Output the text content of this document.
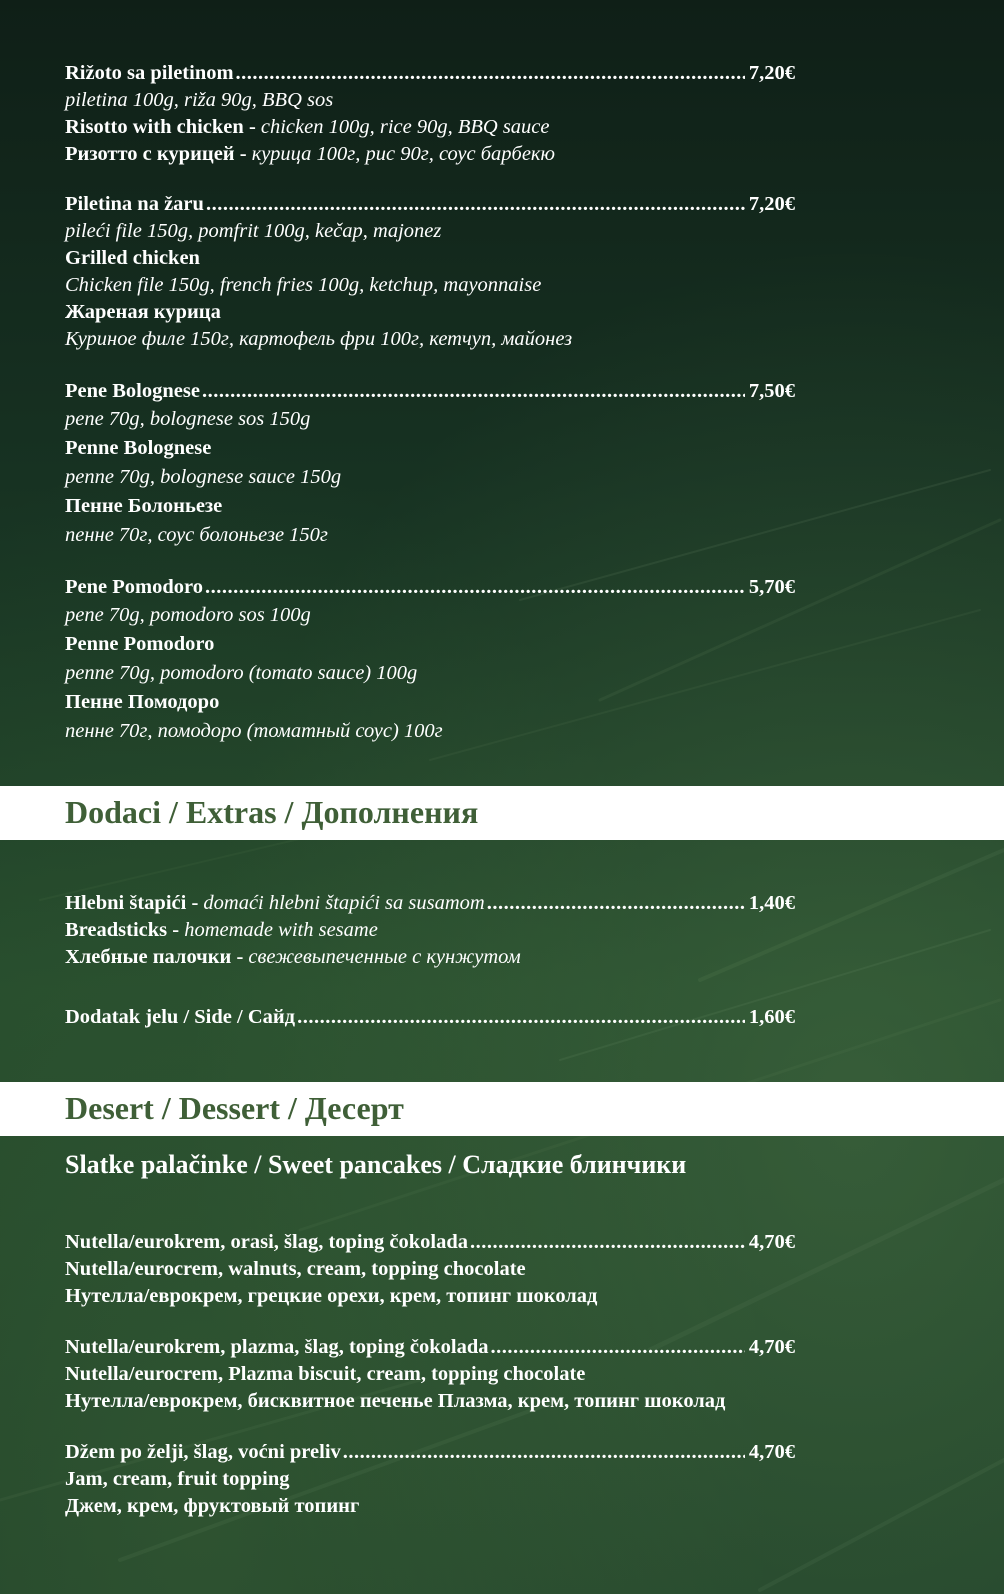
Rižoto sa piletinom .....	7,20€
piletina 100g, riža 90g, BBQ sos
Risotto with chicken - chicken 100g, rice 90g, BBQ sauce
Ризотто с курицей - курица 100г, рис 90г, соус барбекю
Piletina na žaru .....	7,20€
pileći file 150g, pomfrit 100g, kečap, majonez
Grilled chicken
Chicken file 150g, french fries 100g, ketchup, mayonnaise
Жареная курица
Куриное филе 150г, картофель фри 100г, кетчуп, майонез
Pene Bolognese .....	7,50€
pene 70g, bolognese sos 150g
Penne Bolognese
penne 70g, bolognese sauce 150g
Пенне Болоньезе
пенне 70г, соус болоньезе 150г
Pene Pomodoro .....	5,70€
pene 70g, pomodoro sos 100g
Penne Pomodoro
penne 70g, pomodoro (tomato sauce) 100g
Пенне Помодоро
пенне 70г, помодоро (томатный соус) 100г
Dodaci / Extras / Дополнения
Hlebni štapići - domaći hlebni štapići sa susamom .....	1,40€
Breadsticks - homemade with sesame
Хлебные палочки - свежевыпеченные с кунжутом
Dodatak jelu / Side / Сайд .....	1,60€
Desert / Dessert / Десерт
Slatke palačinke / Sweet pancakes / Сладкие блинчики
Nutella/eurokrem, orasi, šlag, toping čokolada .....	4,70€
Nutella/eurocrem, walnuts, cream, topping chocolate
Нутелла/еврокрем, грецкие орехи, крем, топинг шоколад
Nutella/eurokrem, plazma, šlag, toping čokolada .....	4,70€
Nutella/eurocrem, Plazma biscuit, cream, topping chocolate
Нутелла/еврокрем, бисквитное печенье Плазма, крем, топинг шоколад
Džem po želji, šlag, voćni preliv .....	4,70€
Jam, cream, fruit topping
Джем, крем, фруктовый топинг
